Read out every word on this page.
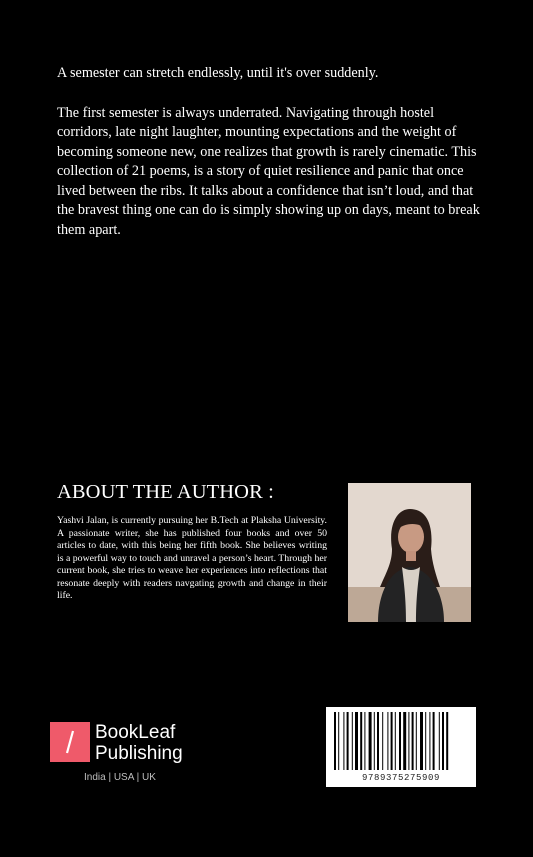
A semester can stretch endlessly, until it's over suddenly.

The first semester is always underrated. Navigating through hostel corridors, late night laughter, mounting expectations and the weight of becoming someone new, one realizes that growth is rarely cinematic. This collection of 21 poems, is a story of quiet resilience and panic that once lived between the ribs. It talks about a confidence that isn’t loud, and that the bravest thing one can do is simply showing up on days, meant to break them apart.

ABOUT THE AUTHOR :
Yashvi Jalan, is currently pursuing her B.Tech at Plaksha University. A passionate writer, she has published four books and over 50 articles to date, with this being her fifth book. She believes writing is a powerful way to touch and unravel a person’s heart. Through her current book, she tries to weave her experiences into reflections that resonate deeply with readers navgating growth and change in their life.
BookLeaf
Publishing
India | USA | UK	9789375275909
